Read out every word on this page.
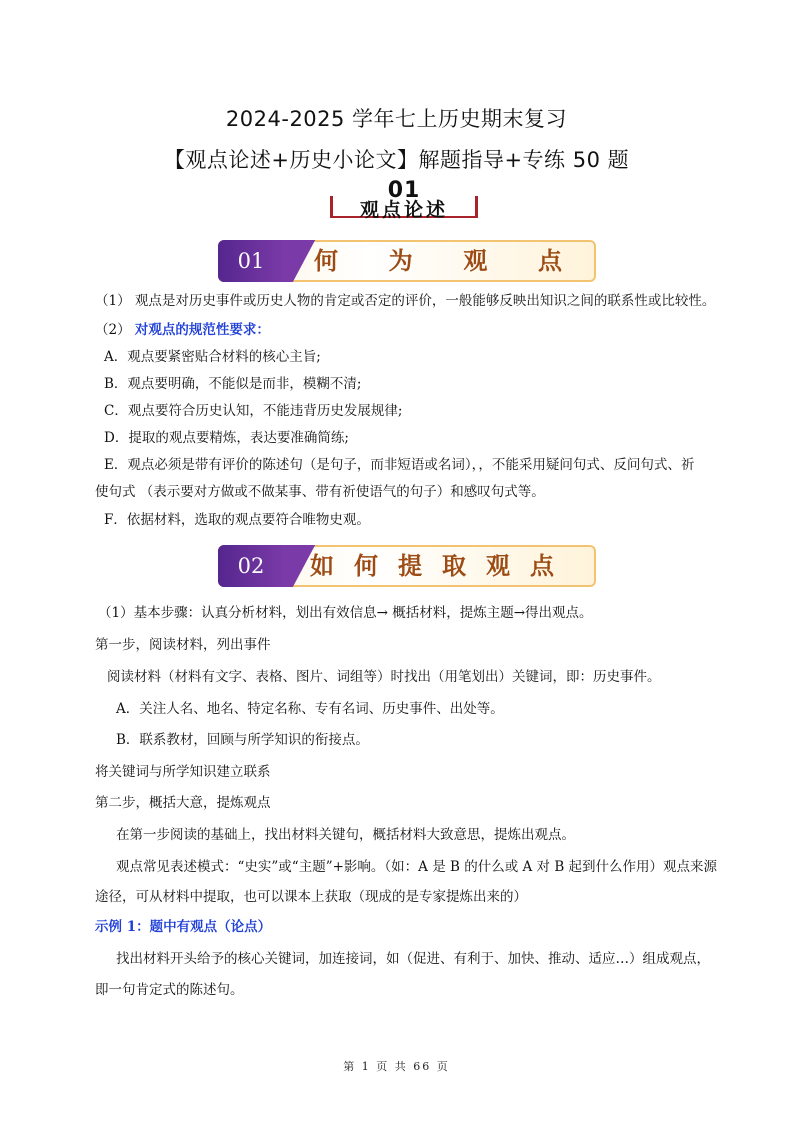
2024-2025 学年七上历史期末复习
【观点论述+历史小论文】解题指导+专练 50 题
01
观点论述
01	何 为 观 点
（1） 观点是对历史事件或历史人物的肯定或否定的评价，一般能够反映出知识之间的联系性或比较性。
（2） 对观点的规范性要求：
A．观点要紧密贴合材料的核心主旨;
B．观点要明确，不能似是而非，模糊不清;
C．观点要符合历史认知，不能违背历史发展规律;
D．提取的观点要精炼，表达要准确简练;
E．观点必须是带有评价的陈述句（是句子，而非短语或名词），，不能采用疑问句式、反问句式、祈
使句式 （表示要对方做或不做某事、带有祈使语气的句子）和感叹句式等。
F．依据材料，选取的观点要符合唯物史观。
02	如 何 提 取 观 点
（1）基本步骤：认真分析材料，划出有效信息→ 概括材料，提炼主题→得出观点。
第一步，阅读材料，列出事件
阅读材料（材料有文字、表格、图片、词组等）时找出（用笔划出）关键词，即：历史事件。
A．关注人名、地名、特定名称、专有名词、历史事件、出处等。
B．联系教材，回顾与所学知识的衔接点。
将关键词与所学知识建立联系
第二步，概括大意，提炼观点
在第一步阅读的基础上，找出材料关键句，概括材料大致意思，提炼出观点。
观点常见表述模式：“史实”或“主题”+影响。（如：A 是 B 的什么或 A 对 B 起到什么作用）观点来源
途径，可从材料中提取，也可以课本上获取（现成的是专家提炼出来的）
示例 1：题中有观点（论点）
找出材料开头给予的核心关键词，加连接词，如（促进、有利于、加快、推动、适应…）组成观点，
即一句肯定式的陈述句。
第 1 页 共 66 页
